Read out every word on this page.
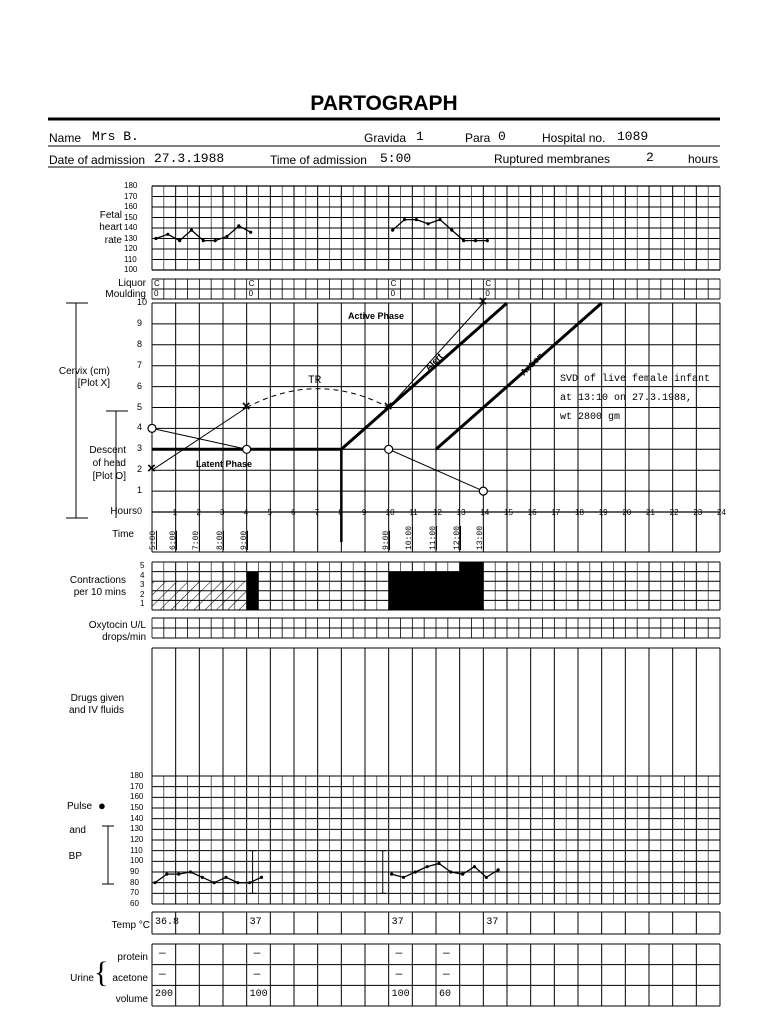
PARTOGRAPH
Name Mrs B.	Gravida 1	Para 0	Hospital no. 1089
Date of admission 27.3.1988	Time of admission 5:00	Ruptured membranes	2	hours
Fetal
heart
rate
Liquor
Moulding
Cervix (cm)
[Plot X]
Descent
of head
[Plot O]
Hours
Active Phase
Latent Phase
Alert	Action
TR	SVD of live female infant
at 13:10 on 27.3.1988,
wt 2800 gm
Time
Contractions
per 10 mins
Oxytocin U/L
drops/min
Drugs given
and IV fluids
Pulse ●
and
BP
Temp °C
Urine { protein
acetone
volume
180
170
160
150
140
130
120
110
100
C
0
C
0
C
0
C
0
10
9
8
7
6
5
4
3
2
1
0	1 2 3 4 5 6 7 8 9 10 11 12 13 14 15 16 17 18 19 20 21 22 23 24
×
×	×
×
5:00 6:00 7:00 8:00 9:00	9:00 10:00 11:00 12:00 13:00
5
4
3
2
1
180
170
160
150
140
130
120
110
100
90
80
70
60
36.8	37	37	37
—	—	—	—
—	—	—	—
200	100	100	60
